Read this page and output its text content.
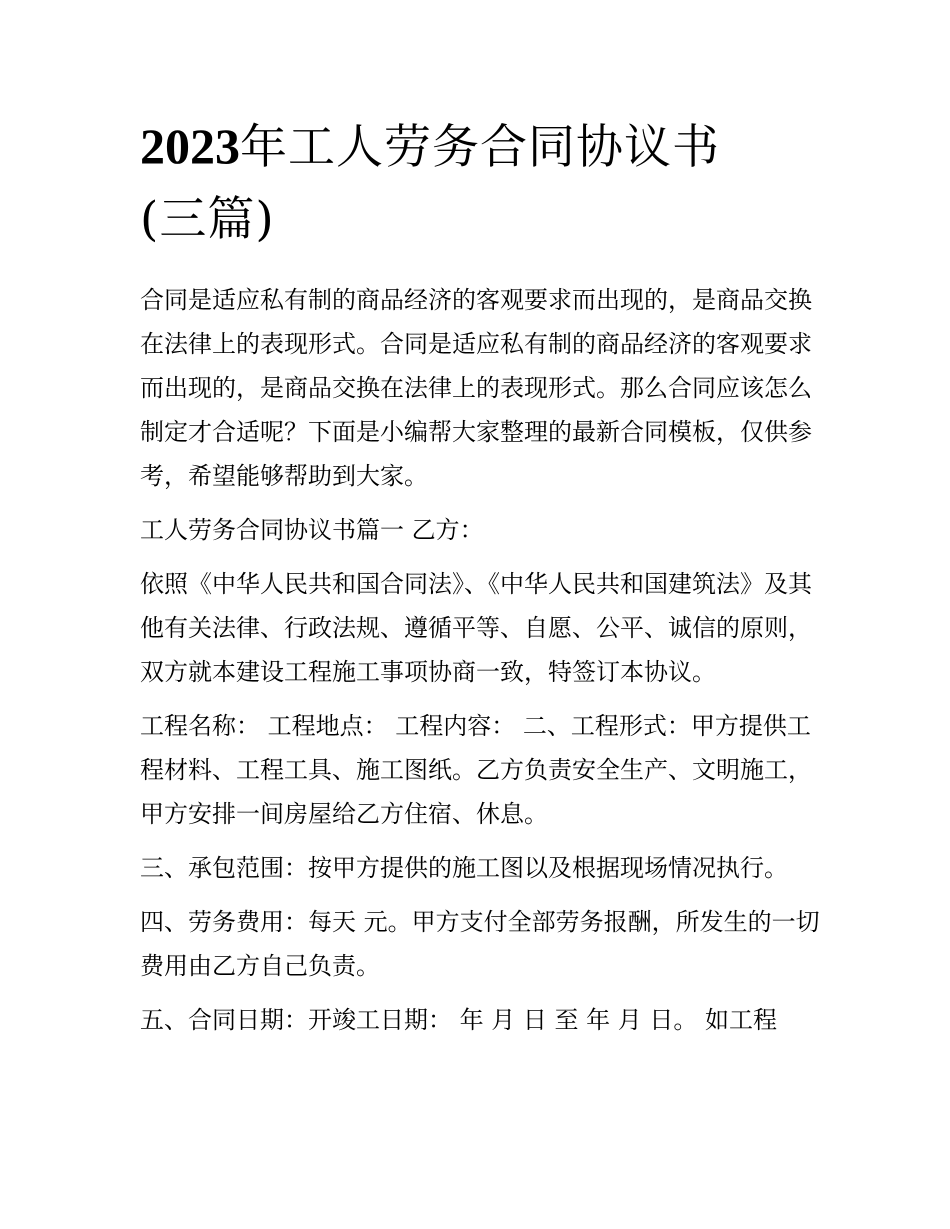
2023年工人劳务合同协议书
(三篇)

合同是适应私有制的商品经济的客观要求而出现的，是商品交换在法律上的表现形式。合同是适应私有制的商品经济的客观要求而出现的，是商品交换在法律上的表现形式。那么合同应该怎么制定才合适呢？下面是小编帮大家整理的最新合同模板，仅供参考，希望能够帮助到大家。

工人劳务合同协议书篇一 乙方：

依照《中华人民共和国合同法》、《中华人民共和国建筑法》及其他有关法律、行政法规、遵循平等、自愿、公平、诚信的原则，双方就本建设工程施工事项协商一致，特签订本协议。

工程名称： 工程地点： 工程内容： 二、工程形式：甲方提供工程材料、工程工具、施工图纸。乙方负责安全生产、文明施工，甲方安排一间房屋给乙方住宿、休息。

三、承包范围：按甲方提供的施工图以及根据现场情况执行。

四、劳务费用：每天 元。甲方支付全部劳务报酬，所发生的一切费用由乙方自己负责。

五、合同日期：开竣工日期： 年 月 日 至 年 月 日。 如工程
